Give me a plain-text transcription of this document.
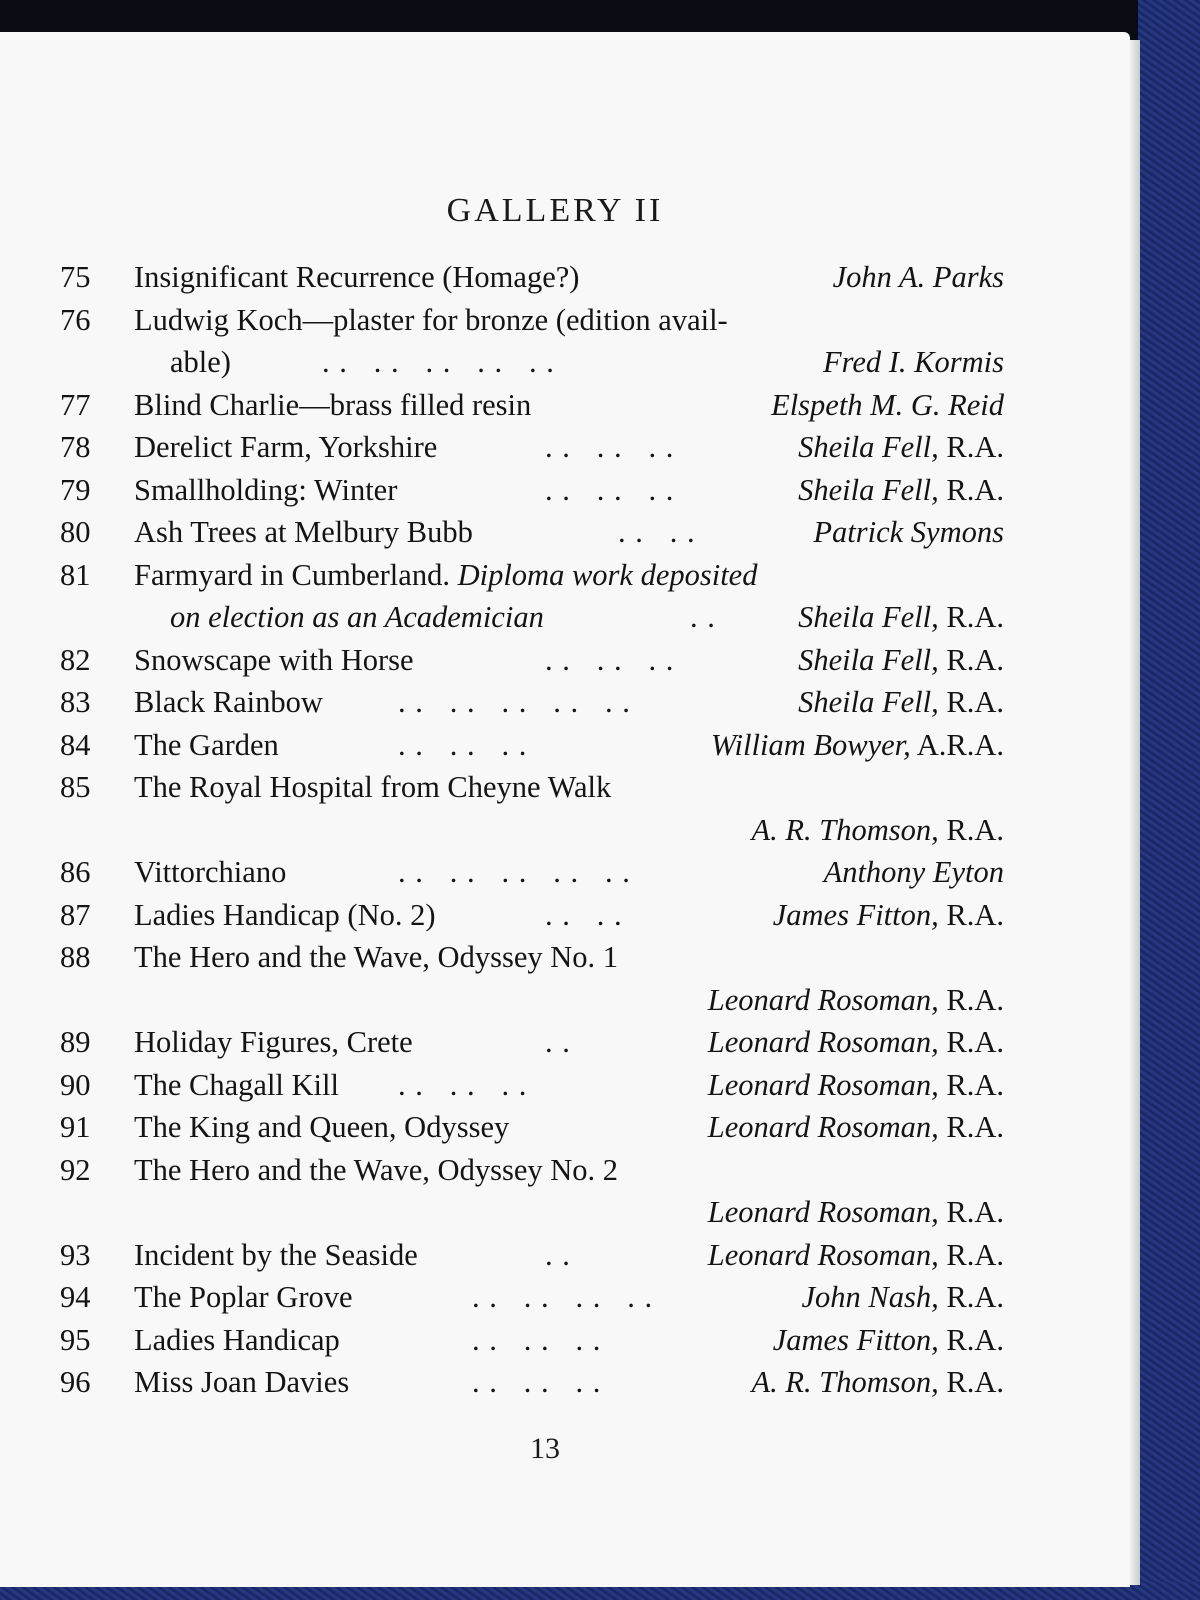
GALLERY II
75 Insignificant Recurrence (Homage?)	John A. Parks
76 Ludwig Koch—plaster for bronze (edition avail-
able)	. .   . .   . .   . .   . .	Fred I. Kormis
77 Blind Charlie—brass filled resin	Elspeth M. G. Reid
78 Derelict Farm, Yorkshire	. .   . .   . .	Sheila Fell, R.A.
79 Smallholding: Winter	. .   . .   . .	Sheila Fell, R.A.
80 Ash Trees at Melbury Bubb	. .   . .	Patrick Symons
81 Farmyard in Cumberland. Diploma work deposited
on election as an Academician	. .	Sheila Fell, R.A.
82 Snowscape with Horse	. .   . .   . .	Sheila Fell, R.A.
83 Black Rainbow . .   . .   . .   . .   . .	Sheila Fell, R.A.
84 The Garden	. .   . .   . .	William Bowyer, A.R.A.
85 The Royal Hospital from Cheyne Walk
A. R. Thomson, R.A.
86 Vittorchiano	. .   . .   . .   . .   . .	Anthony Eyton
87 Ladies Handicap (No. 2)	. .   . .	James Fitton, R.A.
88 The Hero and the Wave, Odyssey No. 1
Leonard Rosoman, R.A.
89 Holiday Figures, Crete	. .	Leonard Rosoman, R.A.
90 The Chagall Kill . .   . .   . .	Leonard Rosoman, R.A.
91 The King and Queen, Odyssey	Leonard Rosoman, R.A.
92 The Hero and the Wave, Odyssey No. 2
Leonard Rosoman, R.A.
93 Incident by the Seaside	. .	Leonard Rosoman, R.A.
94 The Poplar Grove	. .   . .   . .   . .	John Nash, R.A.
95 Ladies Handicap	. .   . .   . .	James Fitton, R.A.
96 Miss Joan Davies	. .   . .   . .	A. R. Thomson, R.A.
13
